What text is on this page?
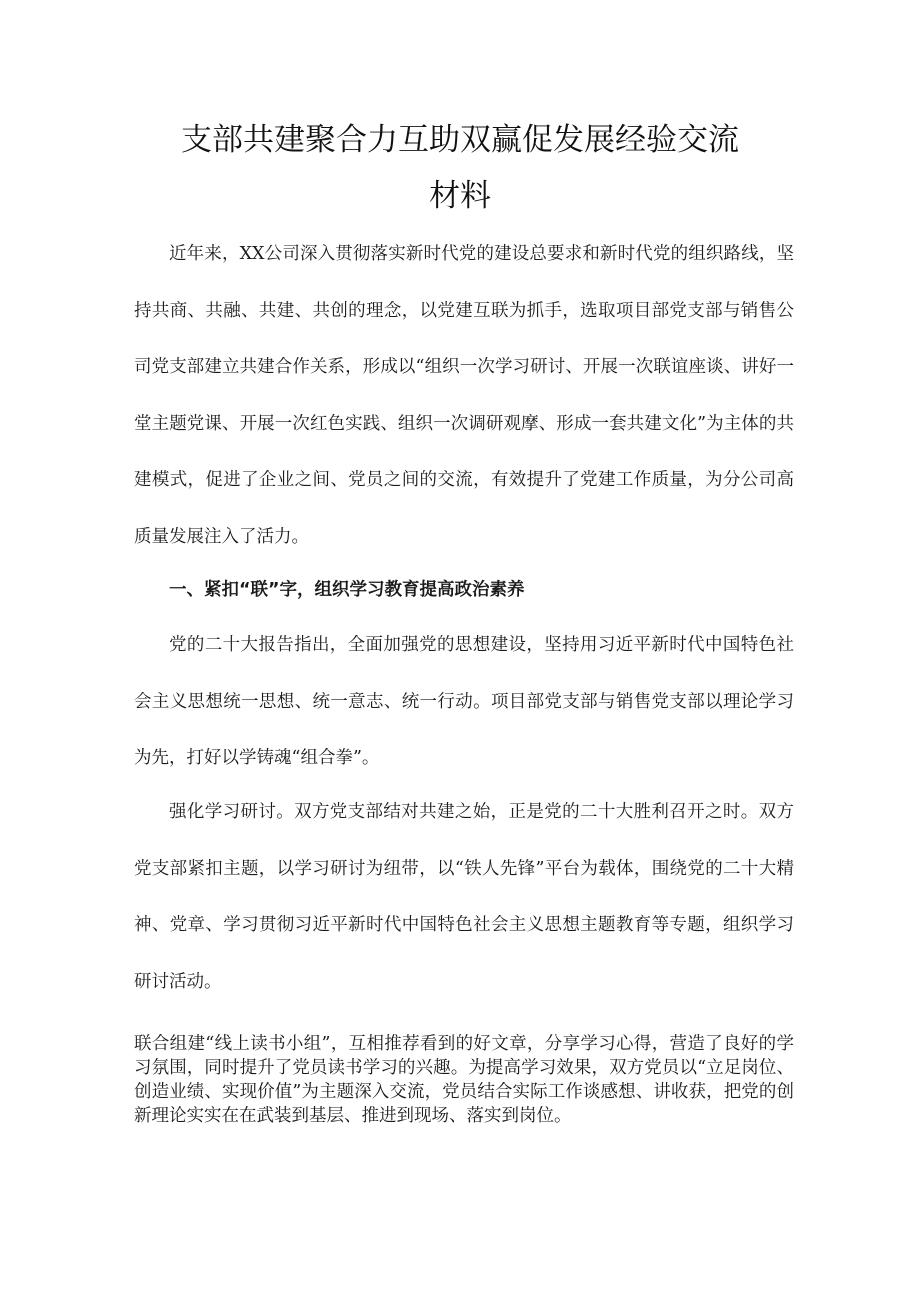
支部共建聚合力互助双赢促发展经验交流
材料

近年来，XX公司深入贯彻落实新时代党的建设总要求和新时代党的组织路线，坚持共商、共融、共建、共创的理念，以党建互联为抓手，选取项目部党支部与销售公司党支部建立共建合作关系，形成以“组织一次学习研讨、开展一次联谊座谈、讲好一堂主题党课、开展一次红色实践、组织一次调研观摩、形成一套共建文化”为主体的共建模式，促进了企业之间、党员之间的交流，有效提升了党建工作质量，为分公司高质量发展注入了活力。

一、紧扣“联”字，组织学习教育提高政治素养

党的二十大报告指出，全面加强党的思想建设，坚持用习近平新时代中国特色社会主义思想统一思想、统一意志、统一行动。项目部党支部与销售党支部以理论学习为先，打好以学铸魂“组合拳”。

强化学习研讨。双方党支部结对共建之始，正是党的二十大胜利召开之时。双方党支部紧扣主题，以学习研讨为纽带，以“铁人先锋”平台为载体，围绕党的二十大精神、党章、学习贯彻习近平新时代中国特色社会主义思想主题教育等专题，组织学习研讨活动。

联合组建“线上读书小组”，互相推荐看到的好文章，分享学习心得，营造了良好的学习氛围，同时提升了党员读书学习的兴趣。为提高学习效果，双方党员以“立足岗位、创造业绩、实现价值”为主题深入交流，党员结合实际工作谈感想、讲收获，把党的创新理论实实在在武装到基层、推进到现场、落实到岗位。
